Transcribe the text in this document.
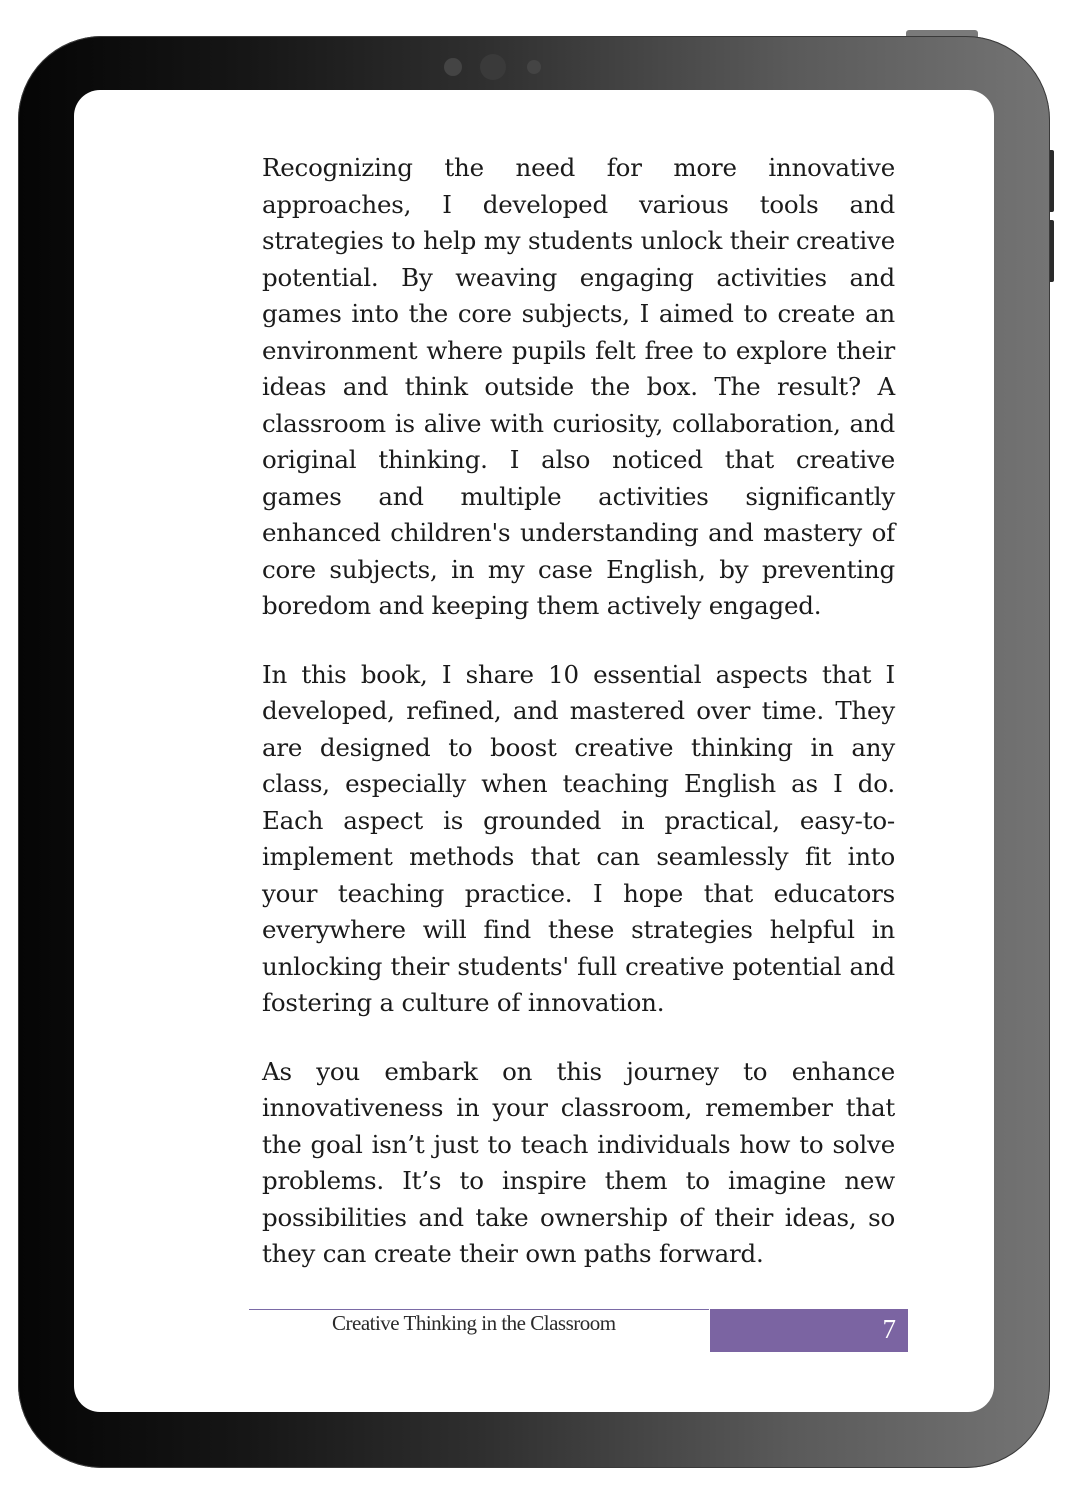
Recognizing the need for more innovative approaches, I developed various tools and strategies to help my students unlock their creative potential. By weaving engaging activities and games into the core subjects, I aimed to create an environment where pupils felt free to explore their ideas and think outside the box. The result? A classroom is alive with curiosity, collaboration, and original thinking. I also noticed that creative games and multiple activities significantly enhanced children's understanding and mastery of core subjects, in my case English, by preventing boredom and keeping them actively engaged.

In this book, I share 10 essential aspects that I developed, refined, and mastered over time. They are designed to boost creative thinking in any class, especially when teaching English as I do. Each aspect is grounded in practical, easy-to-implement methods that can seamlessly fit into your teaching practice. I hope that educators everywhere will find these strategies helpful in unlocking their students' full creative potential and fostering a culture of innovation.

As you embark on this journey to enhance innovativeness in your classroom, remember that the goal isn’t just to teach individuals how to solve problems. It’s to inspire them to imagine new possibilities and take ownership of their ideas, so they can create their own paths forward.

Creative Thinking in the Classroom	7
